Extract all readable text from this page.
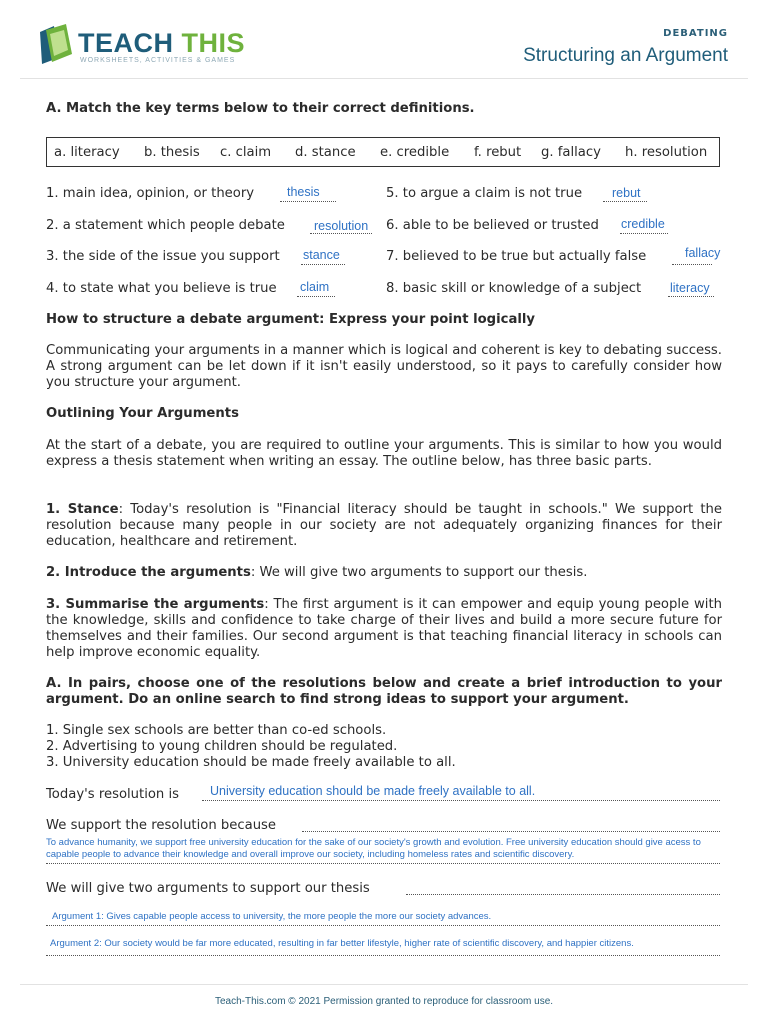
TEACH THIS
WORKSHEETS, ACTIVITIES & GAMES
DEBATING
Structuring an Argument
A. Match the key terms below to their correct definitions.
a. literacy b. thesis c. claim d. stance e. credible f. rebut g. fallacy h. resolution
1. main idea, opinion, or theory	thesis
2. a statement which people debate resolution
3. the side of the issue you support stance
4. to state what you believe is true claim
5. to argue a claim is not true rebut
6. able to be believed or trusted credible
7. believed to be true but actually false	fallacy
8. basic skill or knowledge of a subject literacy
How to structure a debate argument: Express your point logically
Communicating your arguments in a manner which is logical and coherent is key to debating success. A strong argument can be let down if it isn't easily understood, so it pays to carefully consider how you structure your argument.
Outlining Your Arguments
At the start of a debate, you are required to outline your arguments. This is similar to how you would express a thesis statement when writing an essay. The outline below, has three basic parts.
1. Stance: Today's resolution is "Financial literacy should be taught in schools." We support the resolution because many people in our society are not adequately organizing finances for their education, healthcare and retirement.
2. Introduce the arguments: We will give two arguments to support our thesis.
3. Summarise the arguments: The first argument is it can empower and equip young people with the knowledge, skills and confidence to take charge of their lives and build a more secure future for themselves and their families. Our second argument is that teaching financial literacy in schools can help improve economic equality.
A. In pairs, choose one of the resolutions below and create a brief introduction to your argument. Do an online search to find strong ideas to support your argument.
1. Single sex schools are better than co-ed schools.
2. Advertising to young children should be regulated.
3. University education should be made freely available to all.
Today's resolution is University education should be made freely available to all.
We support the resolution because
To advance humanity, we support free university education for the sake of our society's growth and evolution. Free university education should give acess to capable people to advance their knowledge and overall improve our society, including homeless rates and scientific discovery.
We will give two arguments to support our thesis
Argument 1: Gives capable people access to university, the more people the more our society advances.
Argument 2: Our society would be far more educated, resulting in far better lifestyle, higher rate of scientific discovery, and happier citizens.
Teach-This.com © 2021 Permission granted to reproduce for classroom use.
